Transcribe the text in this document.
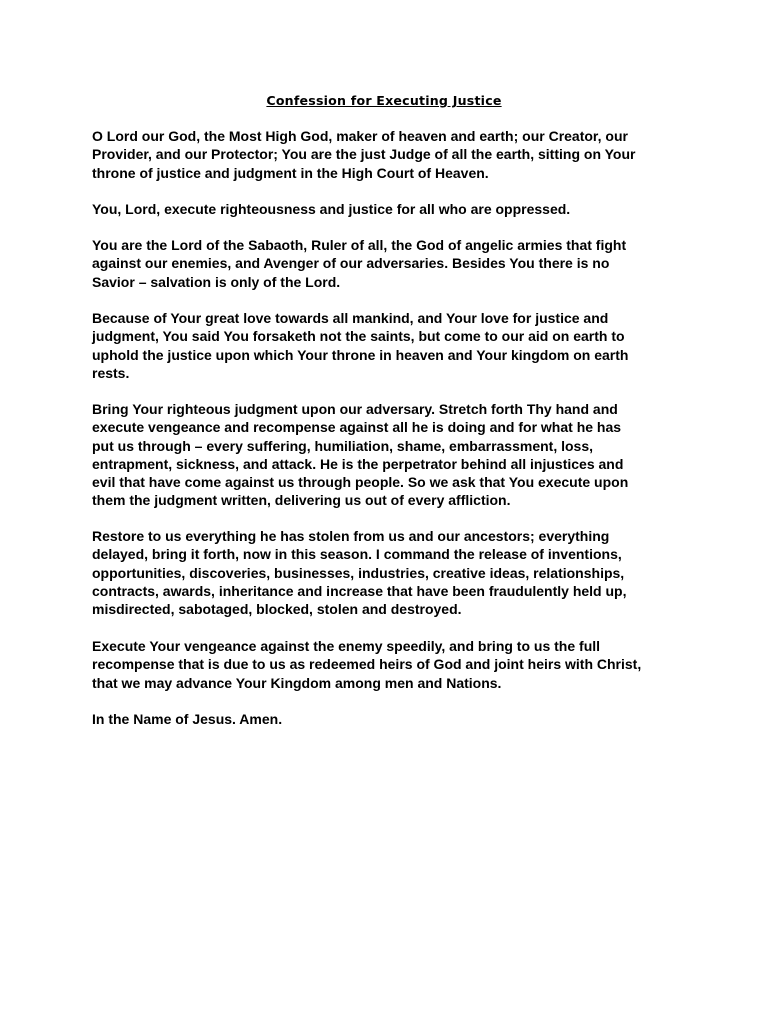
Confession for Executing Justice

O Lord our God, the Most High God, maker of heaven and earth; our Creator, our
Provider, and our Protector; You are the just Judge of all the earth, sitting on Your
throne of justice and judgment in the High Court of Heaven.

You, Lord, execute righteousness and justice for all who are oppressed.

You are the Lord of the Sabaoth, Ruler of all, the God of angelic armies that fight
against our enemies, and Avenger of our adversaries. Besides You there is no
Savior – salvation is only of the Lord.

Because of Your great love towards all mankind, and Your love for justice and
judgment, You said You forsaketh not the saints, but come to our aid on earth to
uphold the justice upon which Your throne in heaven and Your kingdom on earth
rests.

Bring Your righteous judgment upon our adversary. Stretch forth Thy hand and
execute vengeance and recompense against all he is doing and for what he has
put us through – every suffering, humiliation, shame, embarrassment, loss,
entrapment, sickness, and attack. He is the perpetrator behind all injustices and
evil that have come against us through people. So we ask that You execute upon
them the judgment written, delivering us out of every affliction.

Restore to us everything he has stolen from us and our ancestors; everything
delayed, bring it forth, now in this season. I command the release of inventions,
opportunities, discoveries, businesses, industries, creative ideas, relationships,
contracts, awards, inheritance and increase that have been fraudulently held up,
misdirected, sabotaged, blocked, stolen and destroyed.

Execute Your vengeance against the enemy speedily, and bring to us the full
recompense that is due to us as redeemed heirs of God and joint heirs with Christ,
that we may advance Your Kingdom among men and Nations.

In the Name of Jesus. Amen.
